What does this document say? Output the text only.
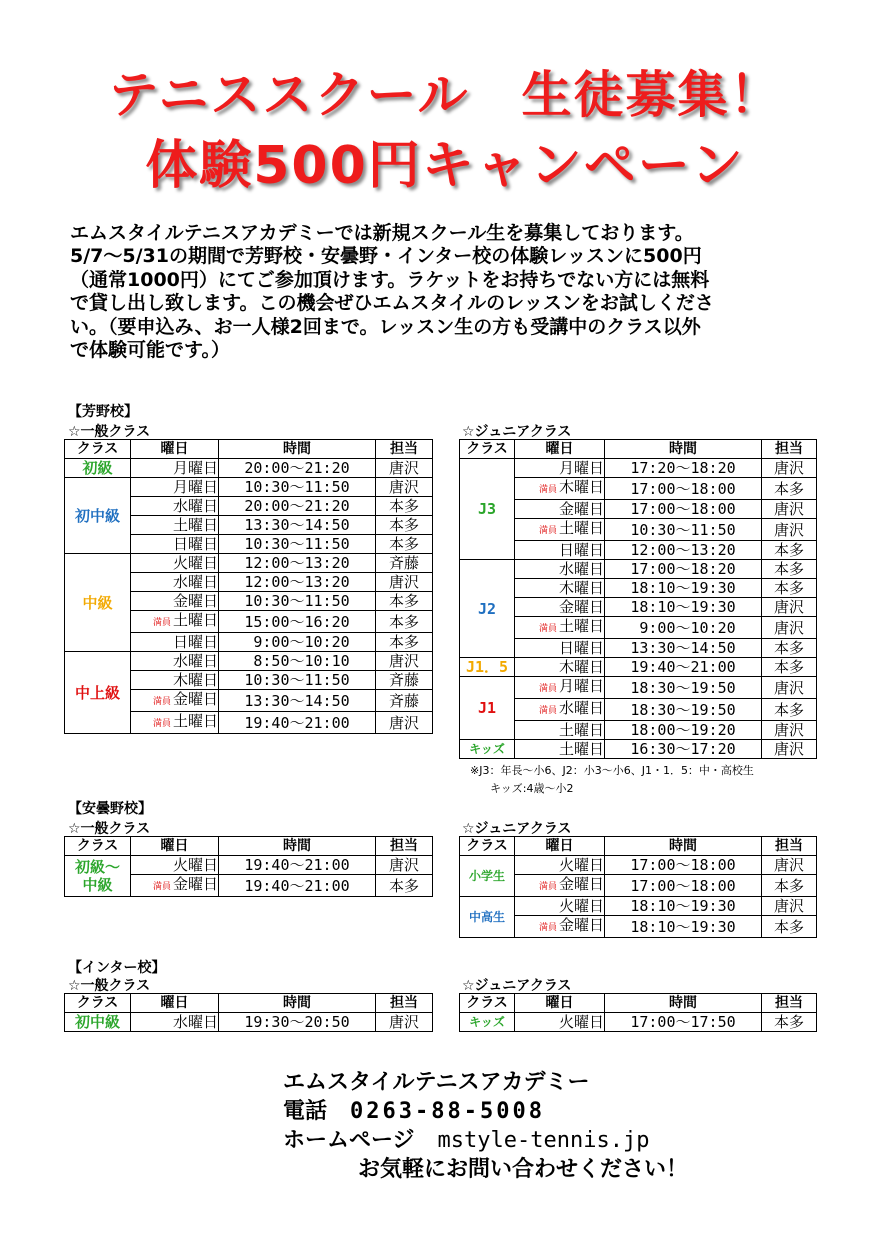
テニススクール　生徒募集！
体験500円キャンペーン
エムスタイルテニスアカデミーでは新規スクール生を募集しております。
5/7～5/31の期間で芳野校・安曇野・インター校の体験レッスンに500円
（通常1000円）にてご参加頂けます。ラケットをお持ちでない方には無料
で貸し出し致します。この機会ぜひエムスタイルのレッスンをお試しくださ
い。（要申込み、お一人様2回まで。レッスン生の方も受講中のクラス以外
で体験可能です。）
【芳野校】
☆一般クラス	☆ジュニアクラス
クラス	曜日	時間	担当
初級	月曜日	20:00～21:20	唐沢
初中級	月曜日	10:30～11:50	唐沢
	水曜日	20:00～21:20	本多
	土曜日	13:30～14:50	本多
	日曜日	10:30～11:50	本多
中級	火曜日	12:00～13:20	斉藤
	水曜日	12:00～13:20	唐沢
	金曜日	10:30～11:50	本多
	満員 土曜日	15:00～16:20	本多
	日曜日	9:00～10:20	本多
中上級	水曜日	8:50～10:10	唐沢
	木曜日	10:30～11:50	斉藤
	満員 金曜日	13:30～14:50	斉藤
	満員 土曜日	19:40～21:00	唐沢
クラス	曜日	時間	担当
J3	月曜日	17:20～18:20	唐沢
	満員 木曜日	17:00～18:00	本多
	金曜日	17:00～18:00	唐沢
	満員 土曜日	10:30～11:50	唐沢
	日曜日	12:00～13:20	本多
J2	水曜日	17:00～18:20	本多
	木曜日	18:10～19:30	本多
	金曜日	18:10～19:30	唐沢
	満員 土曜日	9:00～10:20	唐沢
	日曜日	13:30～14:50	本多
J1．5	木曜日	19:40～21:00	本多
J1	満員 月曜日	18:30～19:50	唐沢
	満員 水曜日	18:30～19:50	本多
	土曜日	18:00～19:20	唐沢
キッズ	土曜日	16:30～17:20	唐沢
※J3：年長～小6、J2：小3～小6、J1・1．5：中・高校生
キッズ:4歳～小2
【安曇野校】
☆一般クラス	☆ジュニアクラス
クラス	曜日	時間	担当
初級～
中級	火曜日	19:40～21:00	唐沢
	満員 金曜日	19:40～21:00	本多
クラス	曜日	時間	担当
小学生	火曜日	17:00～18:00	唐沢
	満員 金曜日	17:00～18:00	本多
中高生	火曜日	18:10～19:30	唐沢
	満員 金曜日	18:10～19:30	本多
【インター校】
☆一般クラス	☆ジュニアクラス
クラス	曜日	時間	担当
初中級	水曜日	19:30～20:50	唐沢
クラス	曜日	時間	担当
キッズ	火曜日	17:00～17:50	本多
エムスタイルテニスアカデミー
電話 0263-88-5008
ホームページ mstyle-tennis.jp
お気軽にお問い合わせください！
